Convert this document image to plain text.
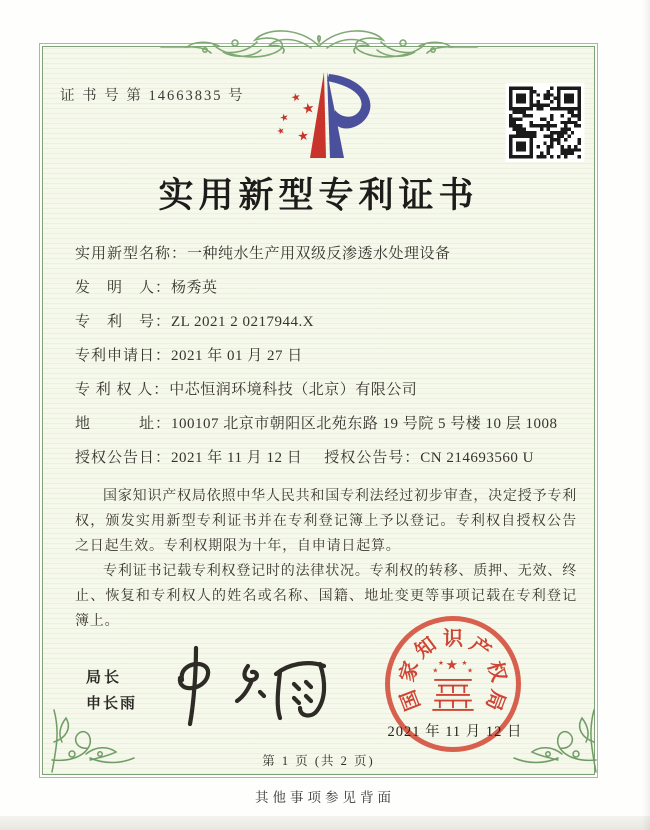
证 书 号 第 14663835 号	★
★
★
★ ★
实用新型专利证书
实用新型名称： 一种纯水生产用双级反渗透水处理设备
发　明　人： 杨秀英
专　利　号： ZL 2021 2 0217944.X
专利申请日： 2021 年 01 月 27 日
专 利 权 人： 中芯恒润环境科技（北京）有限公司
地　　　址： 100107 北京市朝阳区北苑东路 19 号院 5 号楼 10 层 1008
授权公告日： 2021 年 11 月 12 日 授权公告号： CN 214693560 U

国家知识产权局依照中华人民共和国专利法经过初步审查，决定授予专利权，颁发实用新型专利证书并在专利登记簿上予以登记。专利权自授权公告之日起生效。专利权期限为十年，自申请日起算。

专利证书记载专利权登记时的法律状况。专利权的转移、质押、无效、终止、恢复和专利权人的姓名或名称、国籍、地址变更等事项记载在专利登记簿上。

局长
申长雨	国
家
知 识 产
权
局
★
★
★	★
★
2021 年 11 月 12 日
第 1 页 (共 2 页)
其他事项参见背面
